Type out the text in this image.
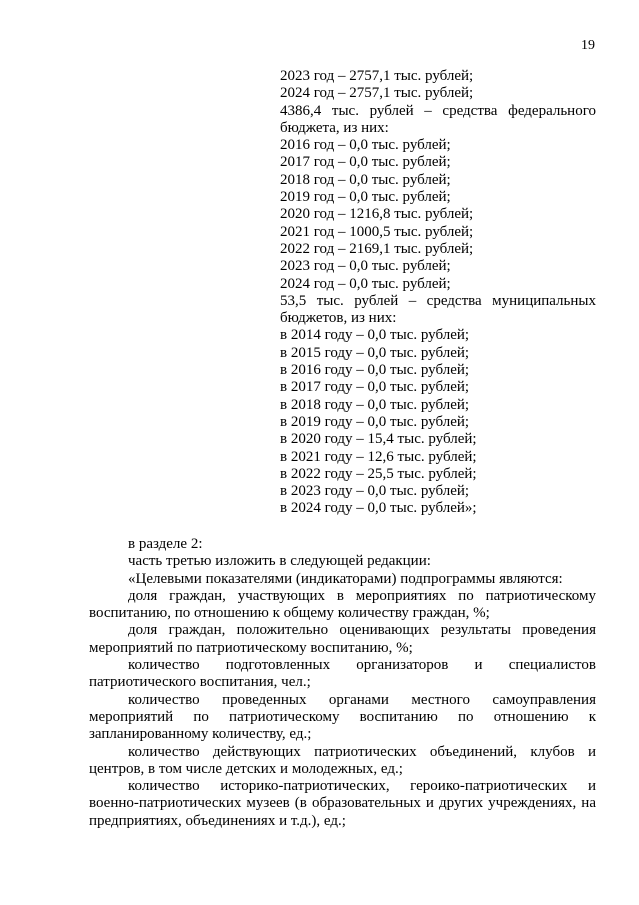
19
2023 год – 2757,1 тыс. рублей;
2024 год – 2757,1 тыс. рублей;
4386,4 тыс. рублей – средства федерального
бюджета, из них:
2016 год – 0,0 тыс. рублей;
2017 год – 0,0 тыс. рублей;
2018 год – 0,0 тыс. рублей;
2019 год – 0,0 тыс. рублей;
2020 год – 1216,8 тыс. рублей;
2021 год – 1000,5 тыс. рублей;
2022 год – 2169,1 тыс. рублей;
2023 год – 0,0 тыс. рублей;
2024 год – 0,0 тыс. рублей;
53,5 тыс. рублей – средства муниципальных
бюджетов, из них:
в 2014 году – 0,0 тыс. рублей;
в 2015 году – 0,0 тыс. рублей;
в 2016 году – 0,0 тыс. рублей;
в 2017 году – 0,0 тыс. рублей;
в 2018 году – 0,0 тыс. рублей;
в 2019 году – 0,0 тыс. рублей;
в 2020 году – 15,4 тыс. рублей;
в 2021 году – 12,6 тыс. рублей;
в 2022 году – 25,5 тыс. рублей;
в 2023 году – 0,0 тыс. рублей;
в 2024 году – 0,0 тыс. рублей»;

в разделе 2:

часть третью изложить в следующей редакции:

«Целевыми показателями (индикаторами) подпрограммы являются:

доля граждан, участвующих в мероприятиях по патриотическому воспитанию, по отношению к общему количеству граждан, %;

доля граждан, положительно оценивающих результаты проведения мероприятий по патриотическому воспитанию, %;

количество подготовленных организаторов и специалистов патриотического воспитания, чел.;

количество проведенных органами местного самоуправления мероприятий по патриотическому воспитанию по отношению к запланированному количеству, ед.;

количество действующих патриотических объединений, клубов и центров, в том числе детских и молодежных, ед.;

количество историко-патриотических, героико-патриотических и военно-патриотических музеев (в образовательных и других учреждениях, на предприятиях, объединениях и т.д.), ед.;
